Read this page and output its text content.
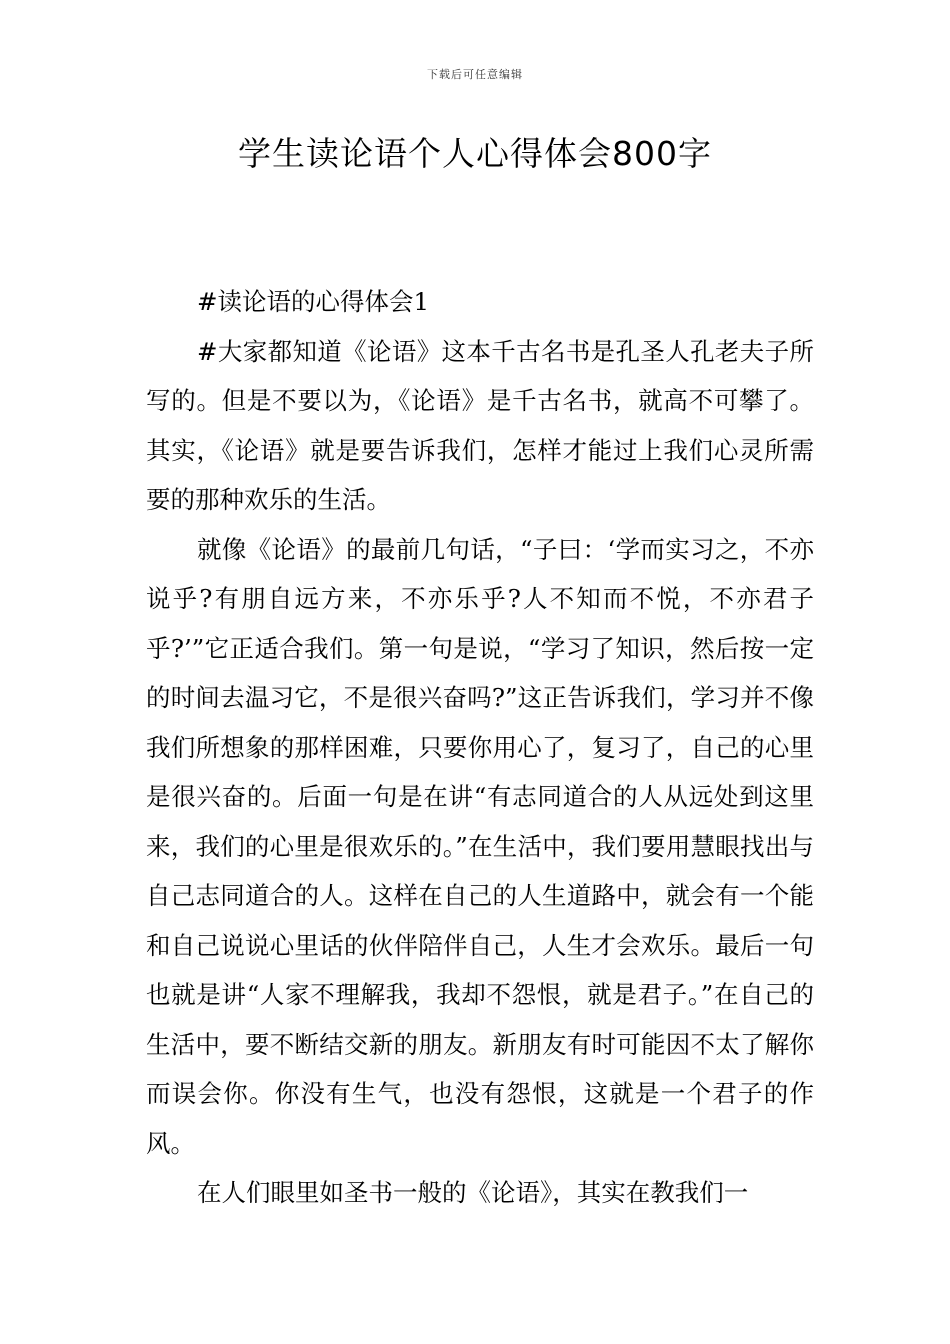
下载后可任意编辑
学生读论语个人心得体会800字

#读论语的心得体会1

#大家都知道《论语》这本千古名书是孔圣人孔老夫子所写的。但是不要以为，《论语》是千古名书，就高不可攀了。其实，《论语》就是要告诉我们，怎样才能过上我们心灵所需要的那种欢乐的生活。

就像《论语》的最前几句话，“子曰：‘学而实习之，不亦说乎?有朋自远方来，不亦乐乎?人不知而不悦，不亦君子乎?’”它正适合我们。第一句是说，“学习了知识，然后按一定的时间去温习它，不是很兴奋吗?”这正告诉我们，学习并不像我们所想象的那样困难，只要你用心了，复习了，自己的心里是很兴奋的。后面一句是在讲“有志同道合的人从远处到这里来，我们的心里是很欢乐的。”在生活中，我们要用慧眼找出与自己志同道合的人。这样在自己的人生道路中，就会有一个能和自己说说心里话的伙伴陪伴自己，人生才会欢乐。最后一句也就是讲“人家不理解我，我却不怨恨，就是君子。”在自己的生活中，要不断结交新的朋友。新朋友有时可能因不太了解你而误会你。你没有生气，也没有怨恨，这就是一个君子的作风。

在人们眼里如圣书一般的《论语》，其实在教我们一
